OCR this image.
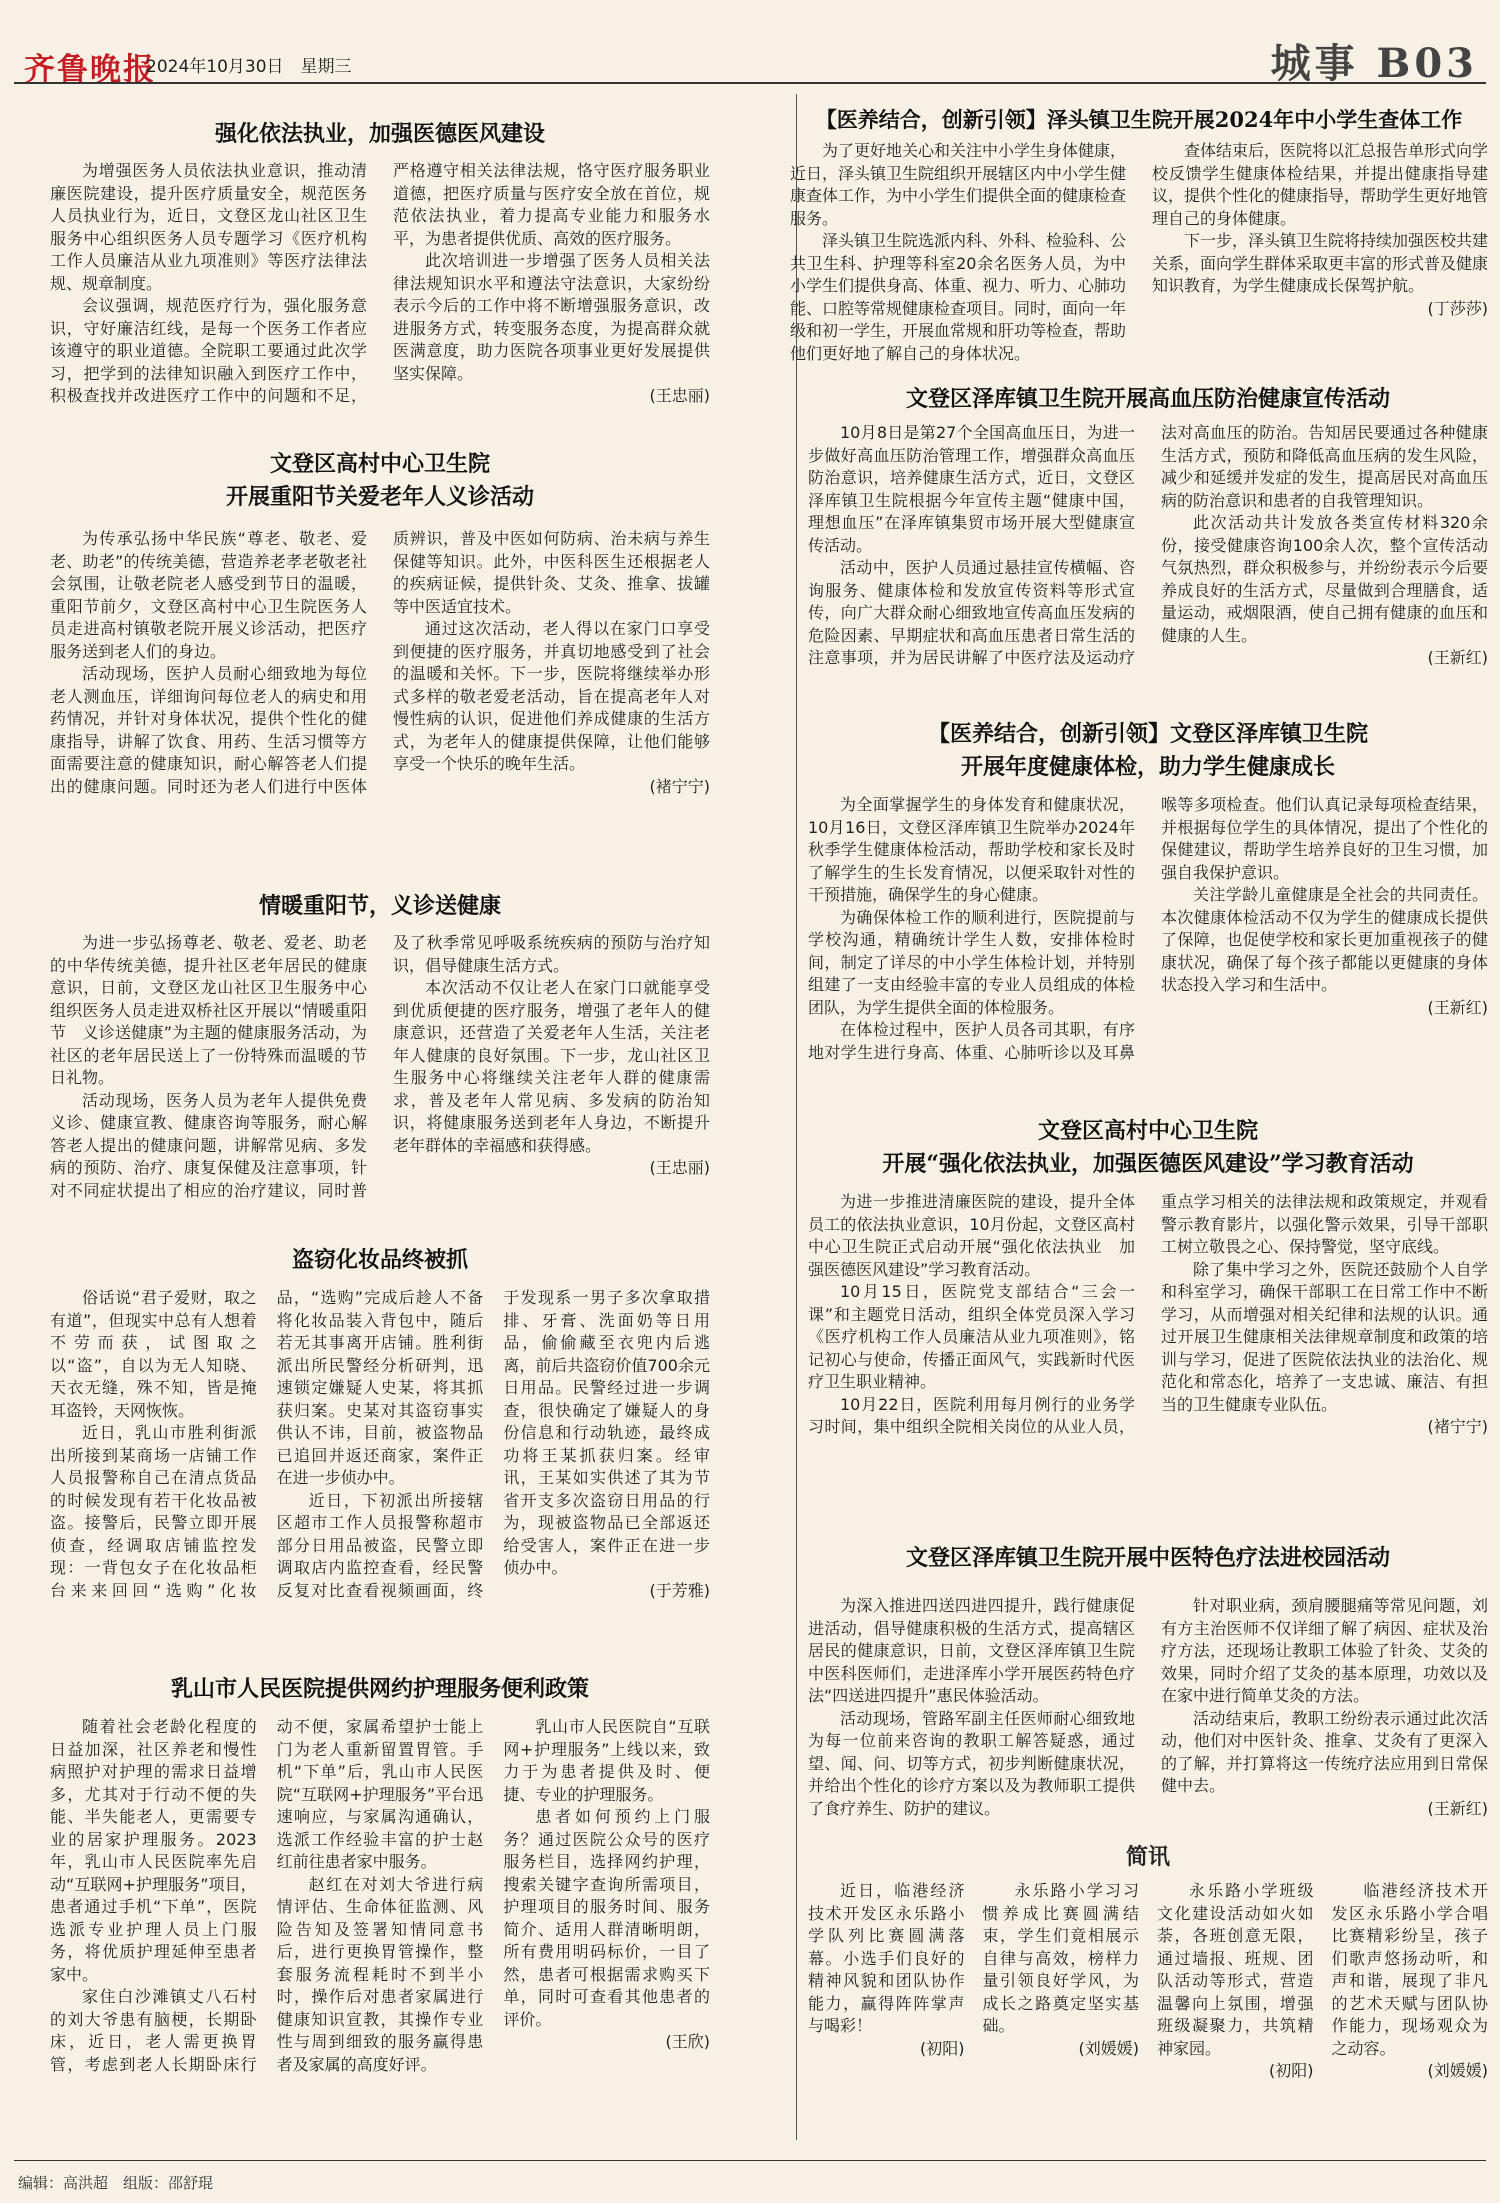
齐鲁晚报
2024年10月30日　星期三	城事 B03
强化依法执业，加强医德医风建设

为增强医务人员依法执业意识，推动清廉医院建设，提升医疗质量安全，规范医务人员执业行为，近日，文登区龙山社区卫生服务中心组织医务人员专题学习《医疗机构工作人员廉洁从业九项准则》等医疗法律法规、规章制度。

会议强调，规范医疗行为，强化服务意识，守好廉洁红线，是每一个医务工作者应该遵守的职业道德。全院职工要通过此次学习，把学到的法律知识融入到医疗工作中，积极查找并改进医疗工作中的问题和不足，严格遵守相关法律法规，恪守医疗服务职业道德，把医疗质量与医疗安全放在首位，规范依法执业，着力提高专业能力和服务水平，为患者提供优质、高效的医疗服务。

此次培训进一步增强了医务人员相关法律法规知识水平和遵法守法意识，大家纷纷表示今后的工作中将不断增强服务意识，改进服务方式，转变服务态度，为提高群众就医满意度，助力医院各项事业更好发展提供坚实保障。

(王忠丽)

文登区高村中心卫生院
开展重阳节关爱老年人义诊活动

为传承弘扬中华民族“尊老、敬老、爱老、助老”的传统美德，营造养老孝老敬老社会氛围，让敬老院老人感受到节日的温暖，重阳节前夕，文登区高村中心卫生院医务人员走进高村镇敬老院开展义诊活动，把医疗服务送到老人们的身边。

活动现场，医护人员耐心细致地为每位老人测血压，详细询问每位老人的病史和用药情况，并针对身体状况，提供个性化的健康指导，讲解了饮食、用药、生活习惯等方面需要注意的健康知识，耐心解答老人们提出的健康问题。同时还为老人们进行中医体质辨识，普及中医如何防病、治未病与养生保健等知识。此外，中医科医生还根据老人的疾病证候，提供针灸、艾灸、推拿、拔罐等中医适宜技术。

通过这次活动，老人得以在家门口享受到便捷的医疗服务，并真切地感受到了社会的温暖和关怀。下一步，医院将继续举办形式多样的敬老爱老活动，旨在提高老年人对慢性病的认识，促进他们养成健康的生活方式，为老年人的健康提供保障，让他们能够享受一个快乐的晚年生活。

(褚宁宁)

情暖重阳节，义诊送健康

为进一步弘扬尊老、敬老、爱老、助老的中华传统美德，提升社区老年居民的健康意识，日前，文登区龙山社区卫生服务中心组织医务人员走进双桥社区开展以“情暖重阳节　义诊送健康”为主题的健康服务活动，为社区的老年居民送上了一份特殊而温暖的节日礼物。

活动现场，医务人员为老年人提供免费义诊、健康宣教、健康咨询等服务，耐心解答老人提出的健康问题，讲解常见病、多发病的预防、治疗、康复保健及注意事项，针对不同症状提出了相应的治疗建议，同时普及了秋季常见呼吸系统疾病的预防与治疗知识，倡导健康生活方式。

本次活动不仅让老人在家门口就能享受到优质便捷的医疗服务，增强了老年人的健康意识，还营造了关爱老年人生活，关注老年人健康的良好氛围。下一步，龙山社区卫生服务中心将继续关注老年人群的健康需求，普及老年人常见病、多发病的防治知识，将健康服务送到老年人身边，不断提升老年群体的幸福感和获得感。

(王忠丽)

盗窃化妆品终被抓

俗话说“君子爱财，取之有道”，但现实中总有人想着不劳而获，试图取之以“盗”，自以为无人知晓、天衣无缝，殊不知，皆是掩耳盗铃，天网恢恢。

近日，乳山市胜利街派出所接到某商场一店铺工作人员报警称自己在清点货品的时候发现有若干化妆品被盗。接警后，民警立即开展侦查，经调取店铺监控发现：一背包女子在化妆品柜台来来回回“选购”化妆品，“选购”完成后趁人不备将化妆品装入背包中，随后若无其事离开店铺。胜利街派出所民警经分析研判，迅速锁定嫌疑人史某，将其抓获归案。史某对其盗窃事实供认不讳，目前，被盗物品已追回并返还商家，案件正在进一步侦办中。

近日，下初派出所接辖区超市工作人员报警称超市部分日用品被盗，民警立即调取店内监控查看，经民警反复对比查看视频画面，终于发现系一男子多次拿取措排、牙膏、洗面奶等日用品，偷偷藏至衣兜内后逃离，前后共盗窃价值700余元日用品。民警经过进一步调查，很快确定了嫌疑人的身份信息和行动轨迹，最终成功将王某抓获归案。经审讯，王某如实供述了其为节省开支多次盗窃日用品的行为，现被盗物品已全部返还给受害人，案件正在进一步侦办中。

(于芳雅)

乳山市人民医院提供网约护理服务便利政策

随着社会老龄化程度的日益加深，社区养老和慢性病照护对护理的需求日益增多，尤其对于行动不便的失能、半失能老人，更需要专业的居家护理服务。2023年，乳山市人民医院率先启动“互联网+护理服务”项目，患者通过手机“下单”，医院选派专业护理人员上门服务，将优质护理延伸至患者家中。

家住白沙滩镇丈八石村的刘大爷患有脑梗，长期卧床，近日，老人需更换胃管，考虑到老人长期卧床行动不便，家属希望护士能上门为老人重新留置胃管。手机“下单”后，乳山市人民医院“互联网+护理服务”平台迅速响应，与家属沟通确认，选派工作经验丰富的护士赵红前往患者家中服务。

赵红在对刘大爷进行病情评估、生命体征监测、风险告知及签署知情同意书后，进行更换胃管操作，整套服务流程耗时不到半小时，操作后对患者家属进行健康知识宣教，其操作专业性与周到细致的服务赢得患者及家属的高度好评。

乳山市人民医院自“互联网+护理服务”上线以来，致力于为患者提供及时、便捷、专业的护理服务。

患者如何预约上门服务？通过医院公众号的医疗服务栏目，选择网约护理，搜索关键字查询所需项目，护理项目的服务时间、服务简介、适用人群清晰明朗，所有费用明码标价，一目了然，患者可根据需求购买下单，同时可查看其他患者的评价。

(王欣)

【医养结合，创新引领】泽头镇卫生院开展2024年中小学生查体工作

为了更好地关心和关注中小学生身体健康，近日，泽头镇卫生院组织开展辖区内中小学生健康查体工作，为中小学生们提供全面的健康检查服务。

泽头镇卫生院选派内科、外科、检验科、公共卫生科、护理等科室20余名医务人员，为中小学生们提供身高、体重、视力、听力、心肺功能、口腔等常规健康检查项目。同时，面向一年级和初一学生，开展血常规和肝功等检查，帮助他们更好地了解自己的身体状况。

查体结束后，医院将以汇总报告单形式向学校反馈学生健康体检结果，并提出健康指导建议，提供个性化的健康指导，帮助学生更好地管理自己的身体健康。

下一步，泽头镇卫生院将持续加强医校共建关系，面向学生群体采取更丰富的形式普及健康知识教育，为学生健康成长保驾护航。

(丁莎莎)

文登区泽库镇卫生院开展高血压防治健康宣传活动

10月8日是第27个全国高血压日，为进一步做好高血压防治管理工作，增强群众高血压防治意识，培养健康生活方式，近日，文登区泽库镇卫生院根据今年宣传主题“健康中国，理想血压”在泽库镇集贸市场开展大型健康宣传活动。

活动中，医护人员通过悬挂宣传横幅、咨询服务、健康体检和发放宣传资料等形式宣传，向广大群众耐心细致地宣传高血压发病的危险因素、早期症状和高血压患者日常生活的注意事项，并为居民讲解了中医疗法及运动疗法对高血压的防治。告知居民要通过各种健康生活方式，预防和降低高血压病的发生风险，减少和延缓并发症的发生，提高居民对高血压病的防治意识和患者的自我管理知识。

此次活动共计发放各类宣传材料320余份，接受健康咨询100余人次，整个宣传活动气氛热烈，群众积极参与，并纷纷表示今后要养成良好的生活方式，尽量做到合理膳食，适量运动，戒烟限酒，使自己拥有健康的血压和健康的人生。

(王新红)

【医养结合，创新引领】文登区泽库镇卫生院
开展年度健康体检，助力学生健康成长

为全面掌握学生的身体发育和健康状况，10月16日，文登区泽库镇卫生院举办2024年秋季学生健康体检活动，帮助学校和家长及时了解学生的生长发育情况，以便采取针对性的干预措施，确保学生的身心健康。

为确保体检工作的顺利进行，医院提前与学校沟通，精确统计学生人数，安排体检时间，制定了详尽的中小学生体检计划，并特别组建了一支由经验丰富的专业人员组成的体检团队，为学生提供全面的体检服务。

在体检过程中，医护人员各司其职，有序地对学生进行身高、体重、心肺听诊以及耳鼻喉等多项检查。他们认真记录每项检查结果，并根据每位学生的具体情况，提出了个性化的保健建议，帮助学生培养良好的卫生习惯，加强自我保护意识。

关注学龄儿童健康是全社会的共同责任。本次健康体检活动不仅为学生的健康成长提供了保障，也促使学校和家长更加重视孩子的健康状况，确保了每个孩子都能以更健康的身体状态投入学习和生活中。

(王新红)

文登区高村中心卫生院
开展“强化依法执业，加强医德医风建设”学习教育活动

为进一步推进清廉医院的建设，提升全体员工的依法执业意识，10月份起，文登区高村中心卫生院正式启动开展“强化依法执业　加强医德医风建设”学习教育活动。

10月15日，医院党支部结合“三会一课”和主题党日活动，组织全体党员深入学习《医疗机构工作人员廉洁从业九项准则》，铭记初心与使命，传播正面风气，实践新时代医疗卫生职业精神。

10月22日，医院利用每月例行的业务学习时间，集中组织全院相关岗位的从业人员，重点学习相关的法律法规和政策规定，并观看警示教育影片，以强化警示效果，引导干部职工树立敬畏之心、保持警觉，坚守底线。

除了集中学习之外，医院还鼓励个人自学和科室学习，确保干部职工在日常工作中不断学习，从而增强对相关纪律和法规的认识。通过开展卫生健康相关法律规章制度和政策的培训与学习，促进了医院依法执业的法治化、规范化和常态化，培养了一支忠诚、廉洁、有担当的卫生健康专业队伍。

(褚宁宁)

文登区泽库镇卫生院开展中医特色疗法进校园活动

为深入推进四送四进四提升，践行健康促进活动，倡导健康积极的生活方式，提高辖区居民的健康意识，日前，文登区泽库镇卫生院中医科医师们，走进泽库小学开展医药特色疗法“四送进四提升”惠民体验活动。

活动现场，管路军副主任医师耐心细致地为每一位前来咨询的教职工解答疑惑，通过望、闻、问、切等方式，初步判断健康状况，并给出个性化的诊疗方案以及为教师职工提供了食疗养生、防护的建议。

针对职业病，颈肩腰腿痛等常见问题，刘有方主治医师不仅详细了解了病因、症状及治疗方法，还现场让教职工体验了针灸、艾灸的效果，同时介绍了艾灸的基本原理，功效以及在家中进行简单艾灸的方法。

活动结束后，教职工纷纷表示通过此次活动，他们对中医针灸、推拿、艾灸有了更深入的了解，并打算将这一传统疗法应用到日常保健中去。

(王新红)

简讯

近日，临港经济技术开发区永乐路小学队列比赛圆满落幕。小选手们良好的精神风貌和团队协作能力，赢得阵阵掌声与喝彩！

(初阳)

永乐路小学习习惯养成比赛圆满结束，学生们竟相展示自律与高效，榜样力量引领良好学风，为成长之路奠定坚实基础。

(刘媛媛)

永乐路小学班级文化建设活动如火如荼，各班创意无限，通过墙报、班规、团队活动等形式，营造温馨向上氛围，增强班级凝聚力，共筑精神家园。

(初阳)

临港经济技术开发区永乐路小学合唱比赛精彩纷呈，孩子们歌声悠扬动听，和声和谐，展现了非凡的艺术天赋与团队协作能力，现场观众为之动容。

(刘媛媛)

编辑：高洪超　组版：邵舒琨
